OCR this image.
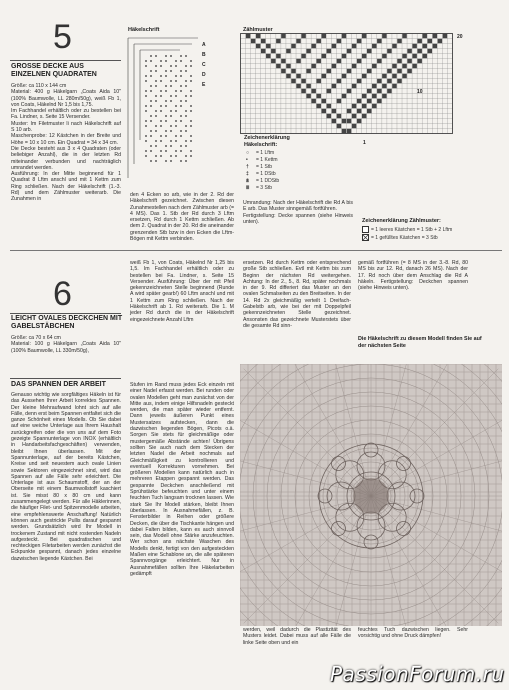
5
GROSSE DECKE AUS EINZELNEN QUADRATEN

Größe: ca 110 x 144 cm

Material: 400 g Häkelgarn „Coats Aida 10" (100% Baumwolle, LL 280m/50g), weiß Fb 1, von Coats, Häkelnd Nr 1,5 bis 1,75.

Im Fachhandel erhältlich oder zu bestellen bei Fa. Lindner, s. Seite 15 Versender.

Muster: Im Filetmuster li nach Häkelschrift auf S 10 arb.

Maschenprobe: 12 Kästchen in der Breite und Höhe = 10 x 10 cm. Ein Quadrat = 34 x 34 cm.

Die Decke besteht aus 3 x 4 Quadraten (oder beliebiger Anzahl), die in der letzten Rd miteinander verbunden und nachträglich umrandet werden.

Ausführung: In der Mitte beginnend für 1 Quadrat 8 Lftm anschl und mit 1 Kettm zum Ring schließen. Nach der Häkelschrift (1.-3. Rd) und dem Zählmuster weiterarb. Die Zunahmen in

Häkelschrift
A
B
C
D
E

den 4 Ecken so arb, wie in der 2. Rd der Häkelschrift gezeichnet. Zwischen diesen Zunahmestellen nach dem Zählmuster arb (= 4 MS). Das 1. Stb der Rd durch 3 Lftm ersetzen, Rd durch 1 Kettm schließen. Ab dem 2. Quadrat in der 20. Rd die aneinander grenzenden Stb bzw in den Ecken die Lftm-Bögen mit Kettm verbinden.

Zählmuster
20
1
10
Zeichenerklärung Häkelschrift:
○ = 1 Lftm
• = 1 Kettm
† = 1 Stb
‡ = 1 DStb
⩲ = 1 DDStb
Ⅲ = 3 Stb

Umrandung: Nach der Häkelschrift die Rd A bis E arb. Das Muster sinngemäß fortführen.

Fertigstellung: Decke spannen (siehe Hinweis unten).	Zeichenerklärung Zählmuster:
= 1 leeres Kästchen = 1 Stb + 2 Lftm
= 1 gefülltes Kästchen = 3 Stb
6
LEICHT OVALES DECKCHEN MIT GABELSTÄBCHEN

Größe: ca 70 x 64 cm

Material: 100 g Häkelgarn „Coats Aida 10" (100% Baumwolle, LL 330m/50g),

weiß Fb 1, von Coats, Häkelnd Nr 1,25 bis 1,5. Im Fachhandel erhältlich oder zu bestellen bei Fa. Lindner, s. Seite 15 Versender. Ausführung: Über der mit Pfeil gekennzeichneten Stelle beginnend (Runde A wird später gearb!) 60 Lftm anschl und mit 1 Kettm zum Ring schließen. Nach der Häkelschrift ab 1. Rd weiterarb. Die 1. M jeder Rd durch die in der Häkelschrift eingezeichnete Anzahl Lftm

ersetzen. Rd durch Kettm oder entsprechend große Stb schließen. Evtl mit Kettm bis zum Beginn der nächsten Rd weitergehen. Achtung: In der 2., 5., 8. Rd, später nochmals in der 9. Rd differiert das Muster an den ovalen Schmalseiten zu den Breitseiten. In der 14. Rd 2x gleichmäßig verteilt 1 Dreifach-Gabelstb arb, wie bei der mit Doppelpfeil gekennzeichneten Stelle gezeichnet. Ansonsten das gezeichnete Musterstets über die gesamte Rd sinn-

gemäß fortführen (= 8 MS in der 3.-8. Rd, 80 MS bis zur 12. Rd, danach 26 MS). Nach der 17. Rd noch über dem Anschlag die Rd A häkeln. Fertigstellung: Deckchen spannen (siehe Hinweis unten).

Die Häkelschrift zu diesem Modell finden Sie auf der nächsten Seite
DAS SPANNEN DER ARBEIT

Genauso wichtig wie sorgfältiges Häkeln ist für das Aussehen Ihrer Arbeit korrektes Spannen. Der kleine Mehraufwand lohnt sich auf alle Fälle, denn erst beim Spannen entfaltet sich die ganze Schönheit eines Modells. Ob Sie dabei auf eine weiche Unterlage aus Ihrem Haushalt zurückgreifen oder die von uns auf dem Foto gezeigte Spannunterlage von INOX (erhältlich in Handarbeitsfachgeschäften) verwenden, bleibt Ihnen überlassen. Mit der Spannunterlage, auf der bereits Kästchen, Kreise und seit neuestem auch ovale Linien sowie Sektoren eingezeichnet sind, wird das Spannen auf alle Fälle sehr erleichtert. Die Unterlage ist aus Schaumstoff, der an der Oberseite mit einem Baumwollstoff kaschiert ist. Sie misst 80 x 80 cm und kann zusammengelegt werden. Für alle Häklerinnen, die häufiger Filet- und Spitzenmodelle arbeiten, eine empfehlenswerte Anschaffung! Natürlich können auch gestrickte Pullis darauf gespannt werden. Grundsätzlich wird Ihr Modell in trockenem Zustand mit nicht rostenden Nadeln aufgesteckt. Bei quadratischen und rechteckigen Filetarbeiten werden zunächst die Eckpunkte gespannt, danach jedes einzelne dazwischen liegende Kästchen. Bei

Stufen im Rand muss jedes Eck einzeln mit einer Nadel erfasst werden. Bei runden oder ovalen Modellen geht man zunächst von der Mitte aus, indem einige Hilfsnadeln gesteckt werden, die man später wieder entfernt. Dann jeweils äußeren Punkt eines Mustersatzes aufstecken, dann die dazwischen liegenden Bögen, Picots o.ä. Sorgen Sie stets für gleichmäßige oder mustergemäße Abstände achten! Übrigens sollten Sie auch nach dem Stecken der letzten Nadel die Arbeit nochmals auf Gleichmäßigkeit zu kontrollieren und eventuell Korrekturen vornehmen. Bei größeren Modellen kann natürlich auch in mehreren Etappen gespannt werden. Das gespannte Deckchen anschließend mit Sprühstärke befeuchten und unter einem feuchten Tuch langsam trocknen lassen. Wie stark Sie Ihr Modell stärken, bleibt Ihnen überlassen. In Ausnahmefällen, z. B. Fensterbilder in Reihen oder größere Decken, die über die Tischkante hängen und dabei Falten bilden, kann es auch sinnvoll sein, das Modell ohne Stärke anzufeuchten. Wer schon ans nächste Waschen des Modells denkt, fertigt von den aufgesteckten Maßen eine Schablone an, die alle späteren Spannvorgänge erleichtert. Nur in Ausnahmefällen sollten Ihre Häkelarbeiten gedämpft

werden, weil dadurch die Plastizität des Musters leidet. Dabei muss auf alle Fälle die linke Seite oben und ein

feuchtes Tuch dazwischen liegen. Sehr vorsichtig und ohne Druck dämpfen!

PassionForum.ru
